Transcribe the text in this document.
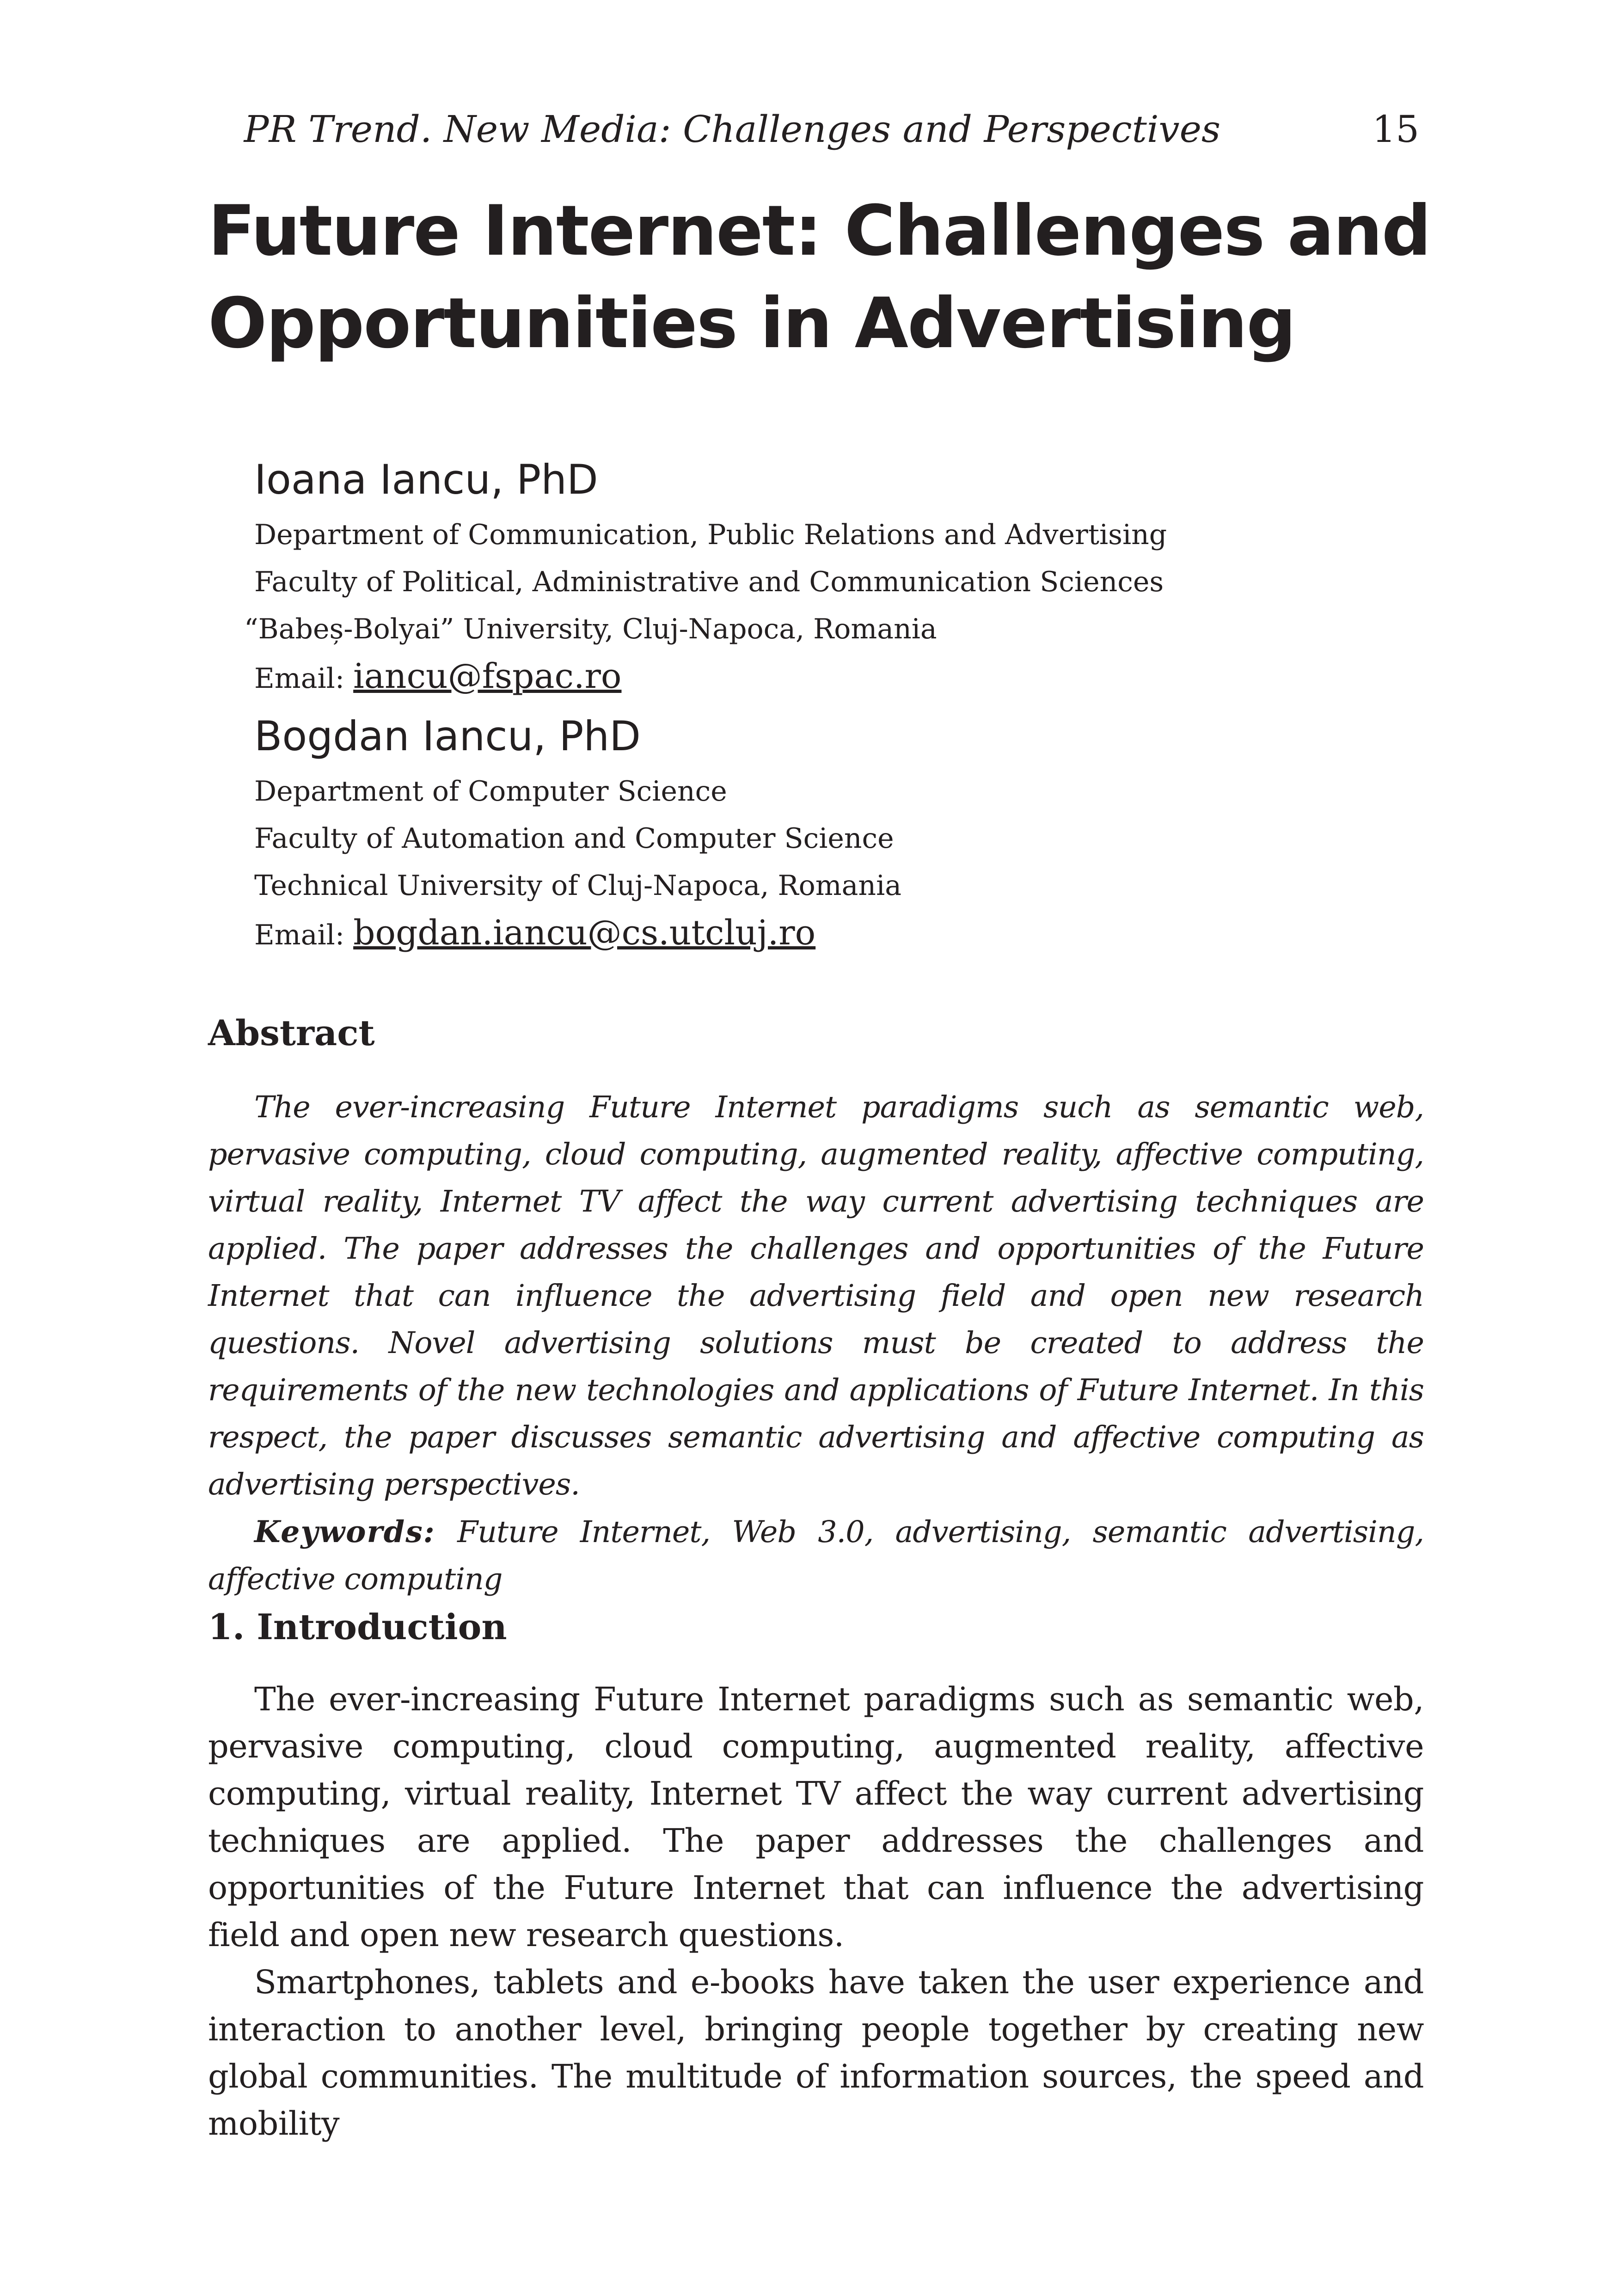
PR Trend. New Media: Challenges and Perspectives	15
Future Internet: Challenges and
Opportunities in Advertising
Ioana Iancu, PhD
Department of Communication, Public Relations and Advertising
Faculty of Political, Administrative and Communication Sciences
“Babeș-Bolyai” University, Cluj-Napoca, Romania
Email: iancu@fspac.ro
Bogdan Iancu, PhD
Department of Computer Science
Faculty of Automation and Computer Science
Technical University of Cluj-Napoca, Romania
Email: bogdan.iancu@cs.utcluj.ro
Abstract

The ever-increasing Future Internet paradigms such as semantic web, pervasive computing, cloud computing, augmented reality, affective computing, virtual reality, Internet TV affect the way current advertising techniques are applied. The paper addresses the challenges and opportunities of the Future Internet that can influence the advertising field and open new research questions. Novel advertising solutions must be created to address the requirements of the new technologies and applications of Future Internet. In this respect, the paper discusses semantic advertising and affective computing as advertising perspectives.

Keywords: Future Internet, Web 3.0, advertising, semantic advertising, affective computing

1. Introduction

The ever-increasing Future Internet paradigms such as semantic web, pervasive computing, cloud computing, augmented reality, affective computing, virtual reality, Internet TV affect the way current advertising techniques are applied. The paper addresses the challenges and opportunities of the Future Internet that can influence the advertising field and open new research questions.

Smartphones, tablets and e-books have taken the user experience and interaction to another level, bringing people together by creating new global communities. The multitude of information sources, the speed and mobility
